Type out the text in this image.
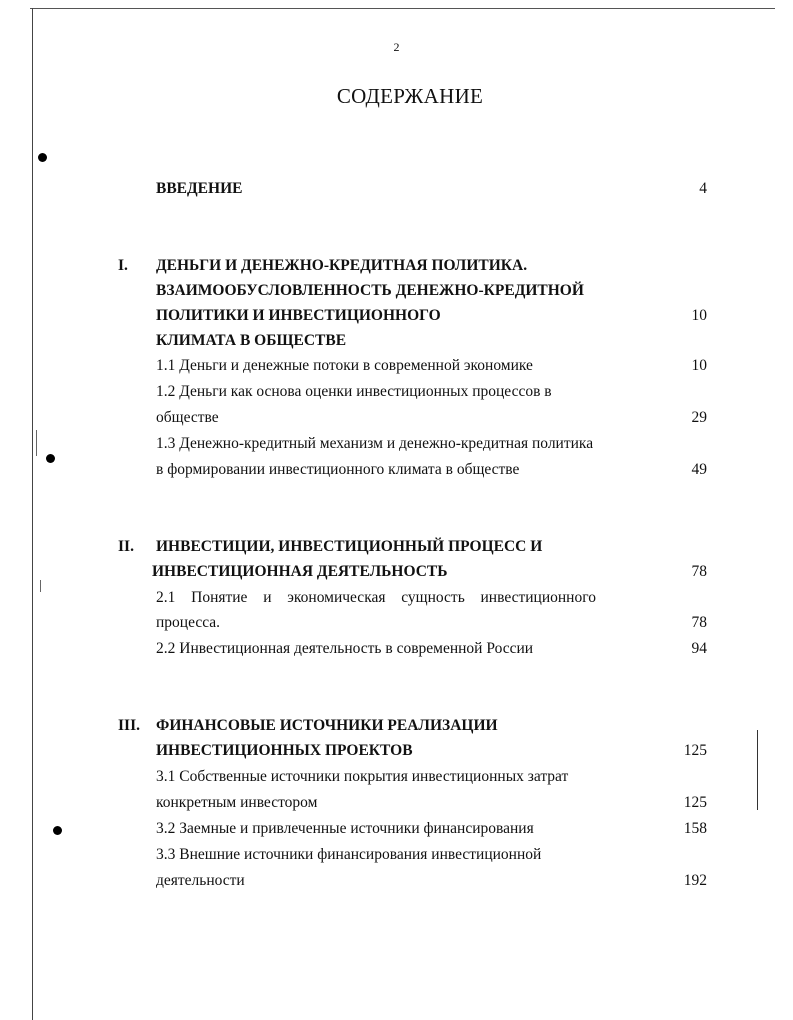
2
СОДЕРЖАНИЕ
ВВЕДЕНИЕ	4
I. ДЕНЬГИ И ДЕНЕЖНО-КРЕДИТНАЯ ПОЛИТИКА.
ВЗАИМООБУСЛОВЛЕННОСТЬ ДЕНЕЖНО-КРЕДИТНОЙ
ПОЛИТИКИ И ИНВЕСТИЦИОННОГО
КЛИМАТА В ОБЩЕСТВЕ
10
1.1 Деньги и денежные потоки в современной экономике	10
1.2 Деньги как основа оценки инвестиционных процессов в
обществе	29
1.3 Денежно-кредитный механизм и денежно-кредитная политика
в формировании инвестиционного климата в обществе	49
II. ИНВЕСТИЦИИ, ИНВЕСТИЦИОННЫЙ ПРОЦЕСС И
ИНВЕСТИЦИОННАЯ ДЕЯТЕЛЬНОСТЬ	78
2.1 Понятие и экономическая сущность инвестиционного
процесса.	78
2.2 Инвестиционная деятельность в современной России	94
III. ФИНАНСОВЫЕ ИСТОЧНИКИ РЕАЛИЗАЦИИ
ИНВЕСТИЦИОННЫХ ПРОЕКТОВ	125
3.1 Собственные источники покрытия инвестиционных затрат
конкретным инвестором	125
3.2 Заемные и привлеченные источники финансирования	158
3.3 Внешние источники финансирования инвестиционной
деятельности	192
